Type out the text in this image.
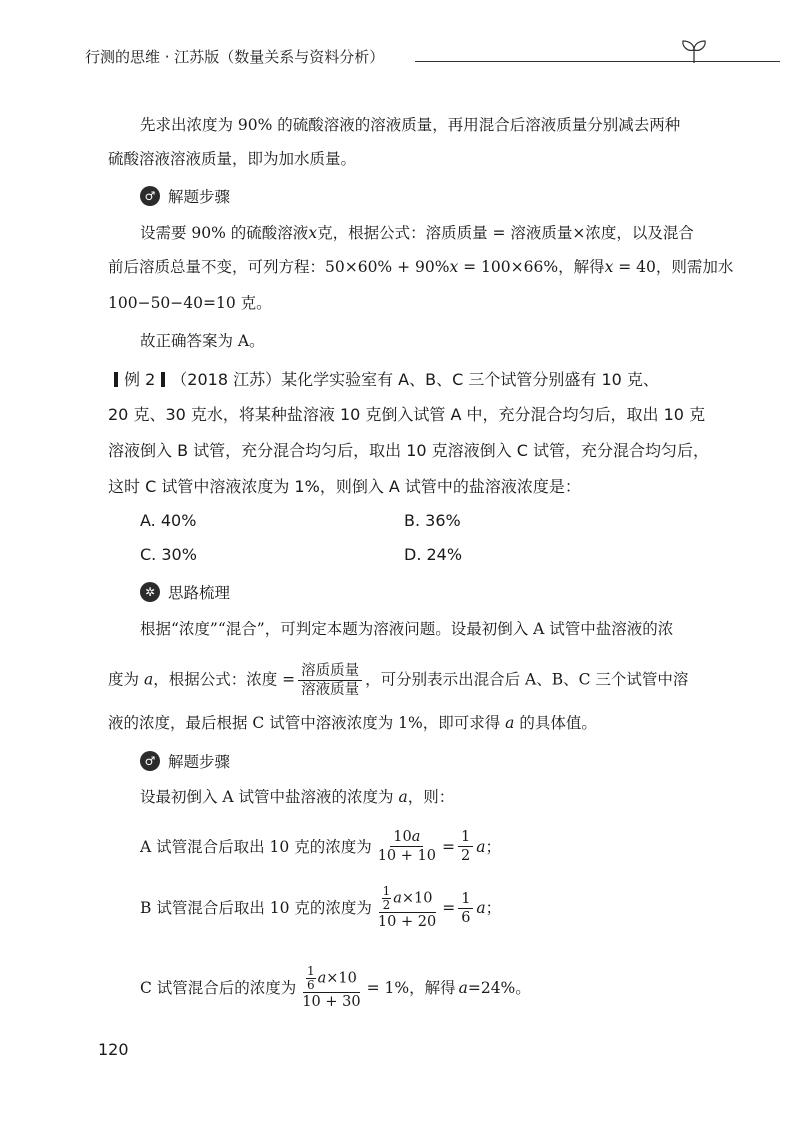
行测的思维 · 江苏版（数量关系与资料分析）
先求出浓度为 90% 的硫酸溶液的溶液质量，再用混合后溶液质量分别减去两种
硫酸溶液溶液质量，即为加水质量。
♂ 解题步骤
设需要 90% 的硫酸溶液x克，根据公式：溶质质量 = 溶液质量×浓度，以及混合
前后溶质总量不变，可列方程：50×60% + 90%x = 100×66%，解得x = 40，则需加水
100−50−40=10 克。
故正确答案为 A。
例 2 （2018 江苏）某化学实验室有 A、B、C 三个试管分别盛有 10 克、
20 克、30 克水，将某种盐溶液 10 克倒入试管 A 中，充分混合均匀后，取出 10 克
溶液倒入 B 试管，充分混合均匀后，取出 10 克溶液倒入 C 试管，充分混合均匀后，
这时 C 试管中溶液浓度为 1%，则倒入 A 试管中的盐溶液浓度是：
A. 40%	B. 36%
C. 30%	D. 24%
✲ 思路梳理
根据“浓度”“混合”，可判定本题为溶液问题。设最初倒入 A 试管中盐溶液的浓
度为 a，根据公式：浓度 = $\frac{\text{溶质质量}}{\text{溶液质量}}$ ，可分别表示出混合后 A、B、C 三个试管中溶
液的浓度，最后根据 C 试管中溶液浓度为 1%，即可求得 a 的具体值。
♂ 解题步骤
设最初倒入 A 试管中盐溶液的浓度为 a，则：
A 试管混合后取出 10 克的浓度为 $\frac{10a}{10 + 10} = \frac{1}{2}$ a ；
B 试管混合后取出 10 克的浓度为 $\frac{\frac{1}{2} a\times 10}{10 + 20} = \frac{1}{6}$ a ；
C 试管混合后的浓度为 $\frac{\frac{1}{6} a\times 10}{10 + 30} = 1\%$，解得 a =24%。
120
